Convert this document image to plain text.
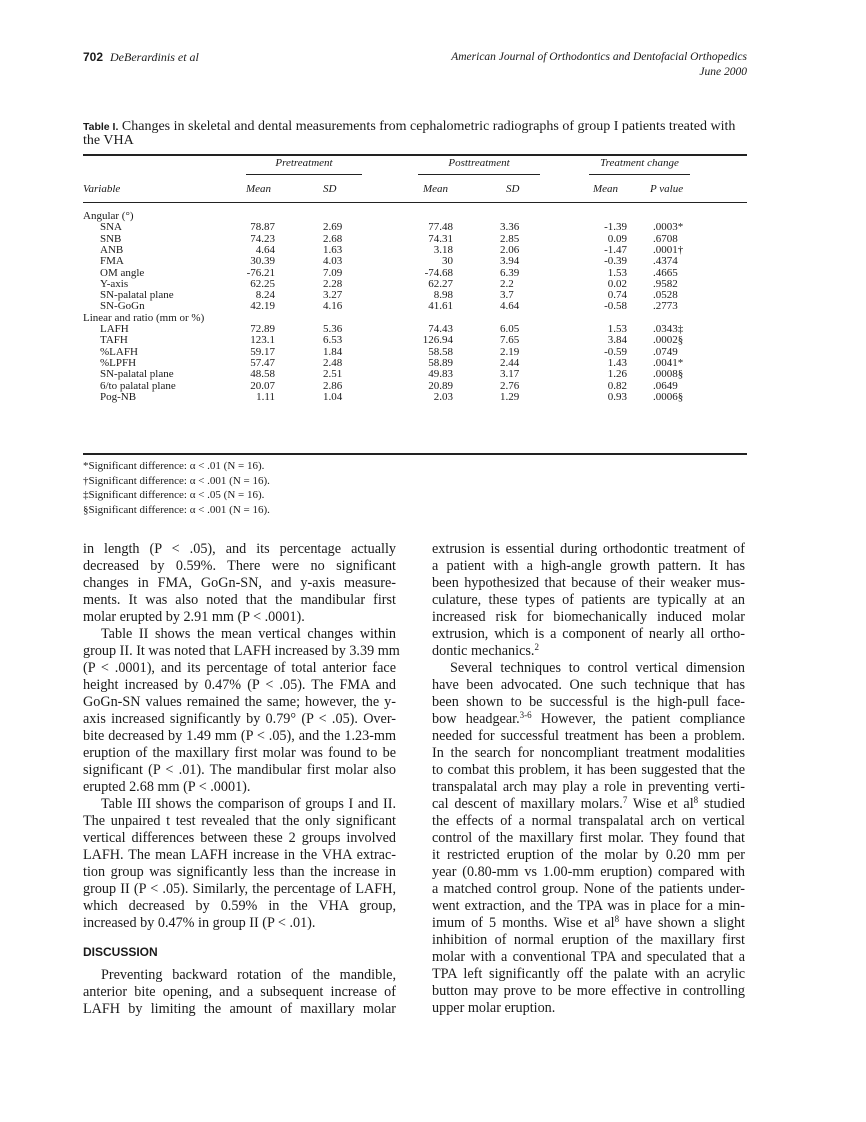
702 DeBerardinis et al	American Journal of Orthodontics and Dentofacial Orthopedics
June 2000
Table I. Changes in skeletal and dental measurements from cephalometric radiographs of group I patients treated with the VHA
Pretreatment	Posttreatment	Treatment change
Variable	Mean	SD	Mean	SD	Mean	P value
Angular (°)
SNA	78.87	2.69	77.48	3.36	-1.39 .0003*
SNB	74.23	2.68	74.31	2.85	0.09 .6708
ANB	4.64	1.63	3.18	2.06	-1.47 .0001†
FMA	30.39	4.03	30	3.94	-0.39 .4374
OM angle	-76.21	7.09	-74.68	6.39	1.53 .4665
Y-axis	62.25	2.28	62.27	2.2	0.02 .9582
SN-palatal plane	8.24	3.27	8.98	3.7	0.74 .0528
SN-GoGn	42.19	4.16	41.61	4.64	-0.58 .2773
Linear and ratio (mm or %)
LAFH	72.89	5.36	74.43	6.05	1.53 .0343‡
TAFH	123.1	6.53	126.94	7.65	3.84 .0002§
%LAFH	59.17	1.84	58.58	2.19	-0.59 .0749
%LPFH	57.47	2.48	58.89	2.44	1.43 .0041*
SN-palatal plane	48.58	2.51	49.83	3.17	1.26 .0008§
6/to palatal plane	20.07	2.86	20.89	2.76	0.82 .0649
Pog-NB	1.11	1.04	2.03	1.29	0.93 .0006§
*Significant difference: α < .01 (N = 16).
†Significant difference: α < .001 (N = 16).
‡Significant difference: α < .05 (N = 16).
§Significant difference: α < .001 (N = 16).
in length (P < .05), and its percentage actually
decreased by 0.59%. There were no significant
changes in FMA, GoGn-SN, and y-axis measure-
ments. It was also noted that the mandibular first
molar erupted by 2.91 mm (P < .0001).
Table II shows the mean vertical changes within
group II. It was noted that LAFH increased by 3.39 mm
(P < .0001), and its percentage of total anterior face
height increased by 0.47% (P < .05). The FMA and
GoGn-SN values remained the same; however, the y-
axis increased significantly by 0.79° (P < .05). Over-
bite decreased by 1.49 mm (P < .05), and the 1.23-mm
eruption of the maxillary first molar was found to be
significant (P < .01). The mandibular first molar also
erupted 2.68 mm (P < .0001).
Table III shows the comparison of groups I and II.
The unpaired t test revealed that the only significant
vertical differences between these 2 groups involved
LAFH. The mean LAFH increase in the VHA extrac-
tion group was significantly less than the increase in
group II (P < .05). Similarly, the percentage of LAFH,
which decreased by 0.59% in the VHA group,
increased by 0.47% in group II (P < .01).
DISCUSSION
Preventing backward rotation of the mandible,
anterior bite opening, and a subsequent increase of
LAFH by limiting the amount of maxillary molar
extrusion is essential during orthodontic treatment of
a patient with a high-angle growth pattern. It has
been hypothesized that because of their weaker mus-
culature, these types of patients are typically at an
increased risk for biomechanically induced molar
extrusion, which is a component of nearly all ortho-
dontic mechanics.$^2$
Several techniques to control vertical dimension
have been advocated. One such technique that has
been shown to be successful is the high-pull face-
bow headgear.$^{3-6}$ However, the patient compliance
needed for successful treatment has been a problem.
In the search for noncompliant treatment modalities
to combat this problem, it has been suggested that the
transpalatal arch may play a role in preventing verti-
cal descent of maxillary molars.$^7$ Wise et $al^8$ studied
the effects of a normal transpalatal arch on vertical
control of the maxillary first molar. They found that
it restricted eruption of the molar by 0.20 mm per
year (0.80-mm vs 1.00-mm eruption) compared with
a matched control group. None of the patients under-
went extraction, and the TPA was in place for a min-
imum of 5 months. Wise et $al^8$ have shown a slight
inhibition of normal eruption of the maxillary first
molar with a conventional TPA and speculated that a
TPA left significantly off the palate with an acrylic
button may prove to be more effective in controlling
upper molar eruption.
